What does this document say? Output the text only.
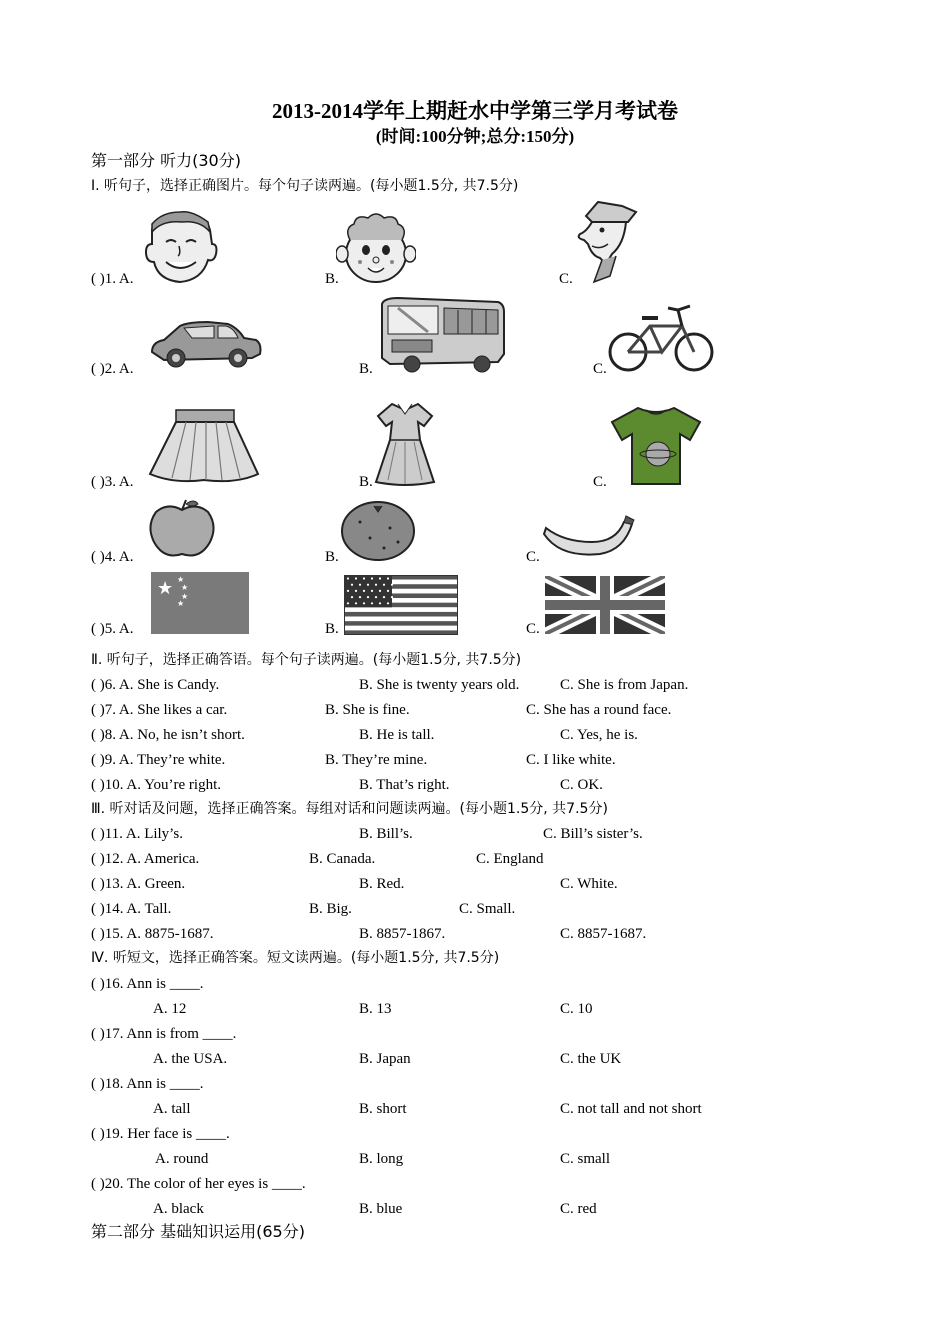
2013-2014学年上期赶水中学第三学月考试卷
(时间:100分钟;总分:150分)
第一部分 听力(30分)
Ⅰ. 听句子，选择正确图片。每个句子读两遍。(每小题1.5分, 共7.5分)
( )1. A.	B.	C.
( )2. A.	B.	C.
( )3. A.	B.	C.
( )4. A.	B.	C.
( )5. A.	B.	C.
★ ★
★
★
★
Ⅱ. 听句子，选择正确答语。每个句子读两遍。(每小题1.5分, 共7.5分)
Ⅲ. 听对话及问题，选择正确答案。每组对话和问题读两遍。(每小题1.5分, 共7.5分)
Ⅳ. 听短文，选择正确答案。短文读两遍。(每小题1.5分, 共7.5分)
( )6. A. She is Candy.	B. She is twenty years old.	C. She is from Japan.
( )7. A. She likes a car.	B. She is fine.	C. She has a round face.
( )8. A. No, he isn’t short.	B. He is tall.	C. Yes, he is.
( )9. A. They’re white.	B. They’re mine.	C. I like white.
( )10. A. You’re right.	B. That’s right.	C. OK.
( )11. A. Lily’s.	B. Bill’s.	C. Bill’s sister’s.
( )12. A. America.	B. Canada.	C. England
( )13. A. Green.	B. Red.	C. White.
( )14. A. Tall.	B. Big.	C. Small.
( )15. A. 8875-1687.	B. 8857-1867.	C. 8857-1687.
( )16. Ann is ____.
A. 12	B. 13	C. 10
( )17. Ann is from ____.
A. the USA.	B. Japan	C. the UK
( )18. Ann is ____.
A. tall	B. short	C. not tall and not short
( )19. Her face is ____.
A. round	B. long	C. small
( )20. The color of her eyes is ____.
A. black	B. blue	C. red
第二部分 基础知识运用(65分)
